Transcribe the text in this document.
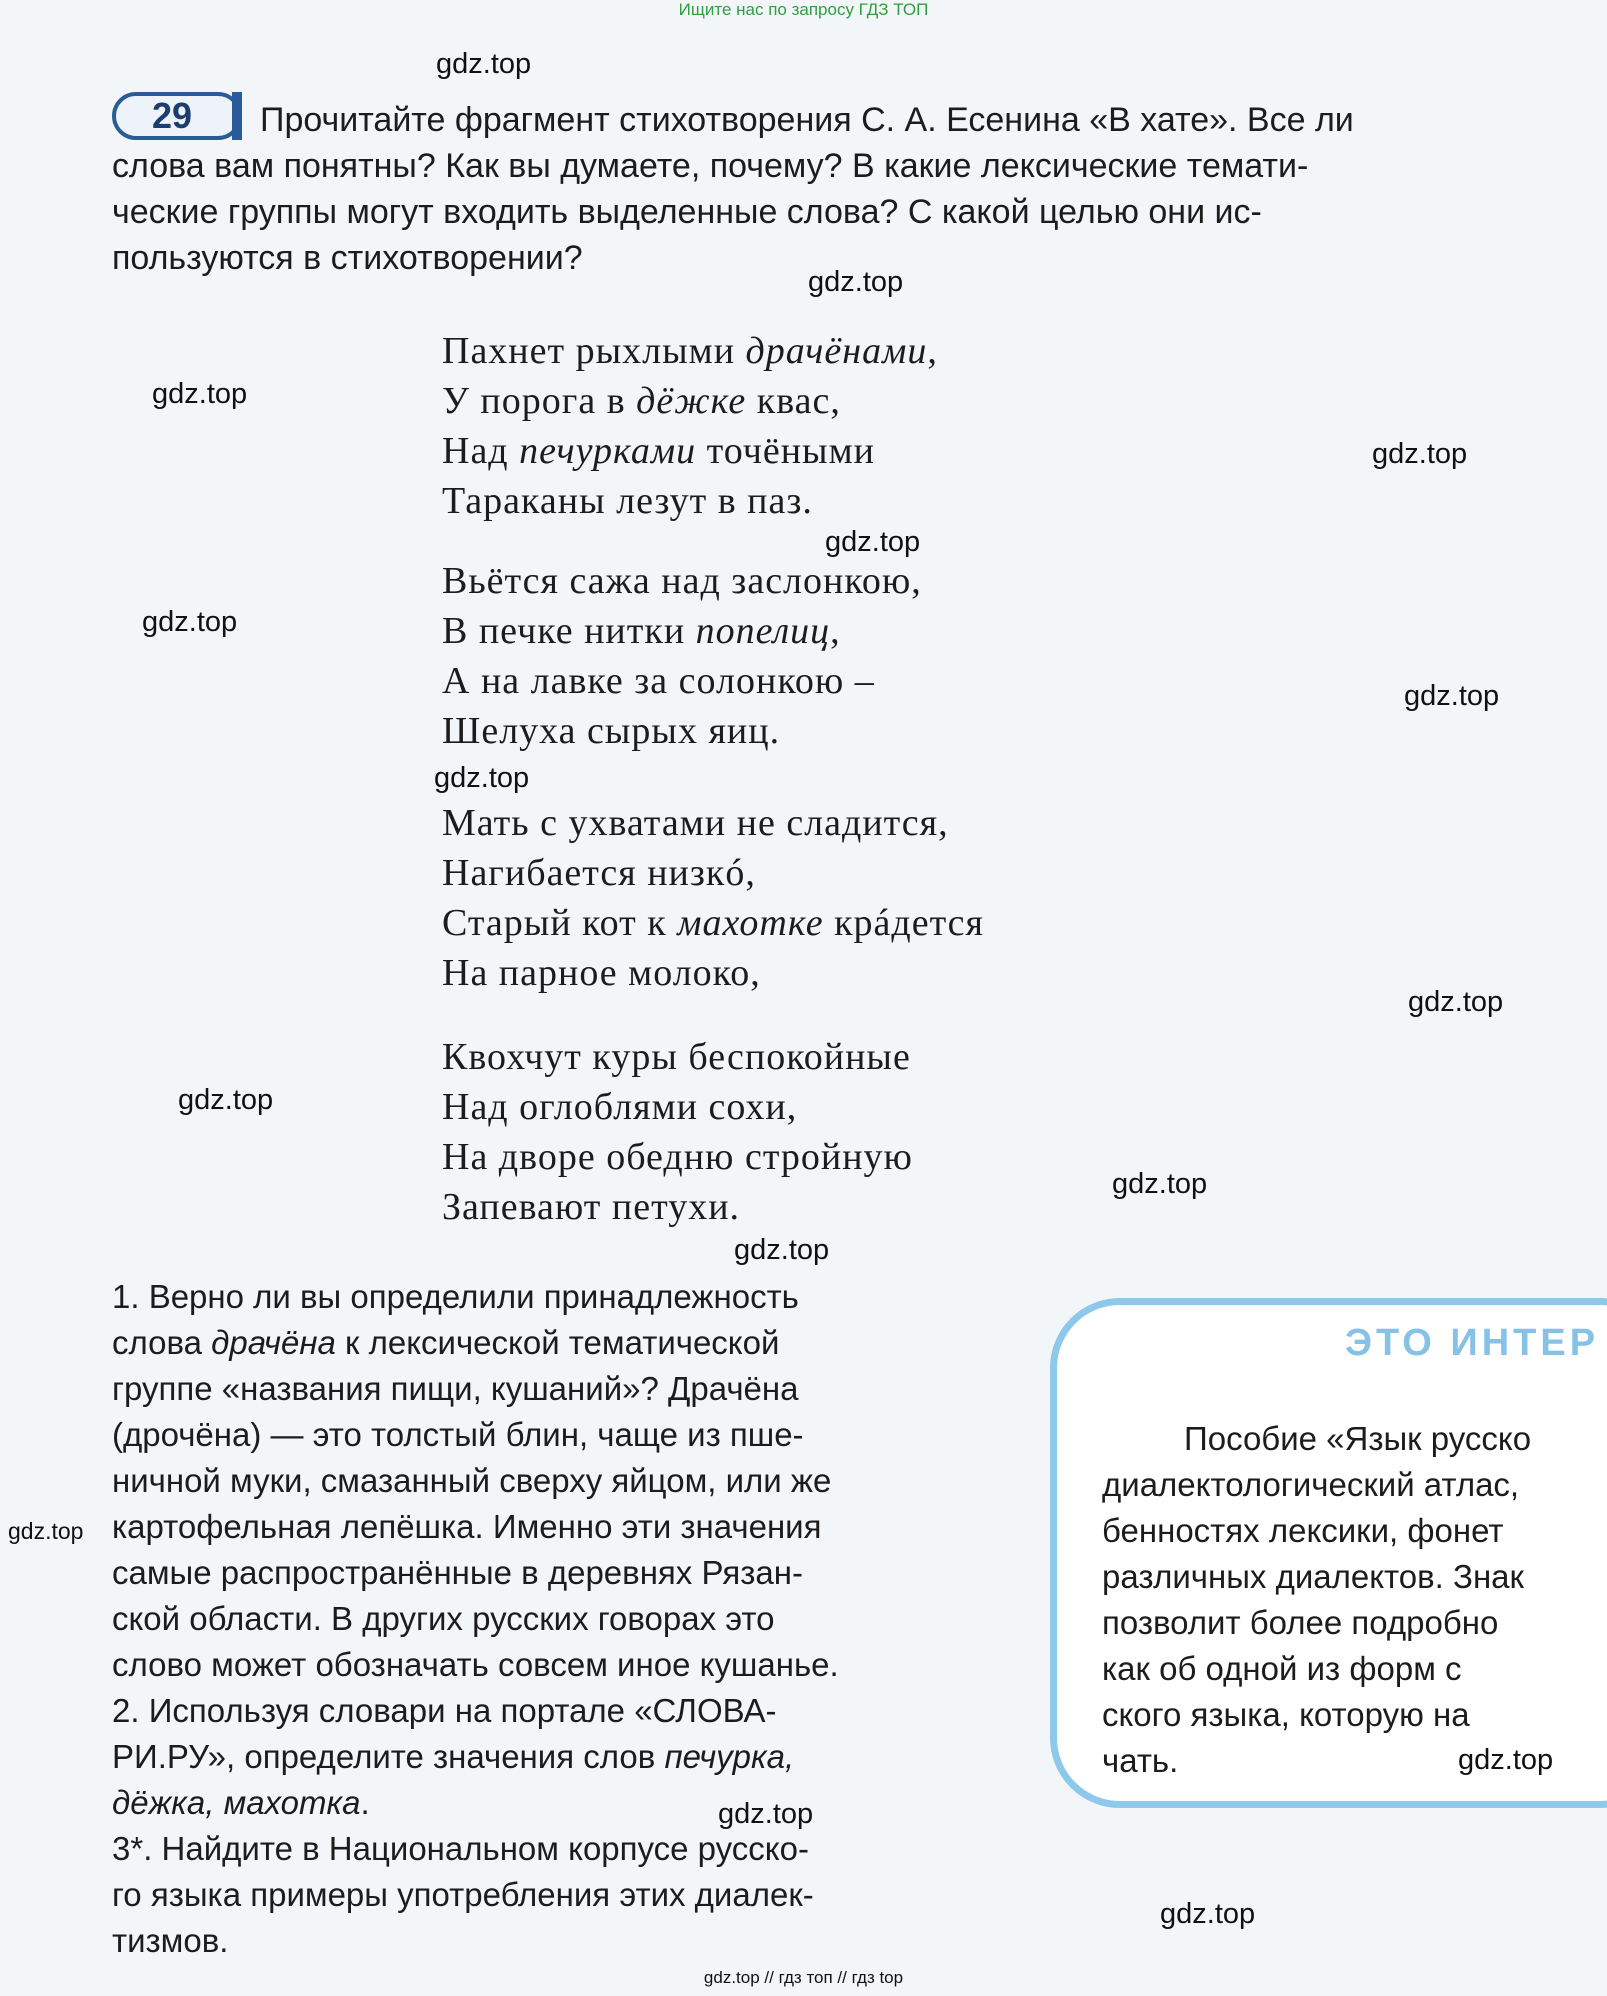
Ищите нас по запросу ГДЗ ТОП
29	Прочитайте фрагмент стихотворения С. А. Есенина «В хате». Все ли
слова вам понятны? Как вы думаете, почему? В какие лексические темати-
ческие группы могут входить выделенные слова? С какой целью они ис-
пользуются в стихотворении?
Пахнет рыхлыми драчёнами,
У порога в дёжке квас,
Над печурками точёными
Тараканы лезут в паз.
Вьётся сажа над заслонкою,
В печке нитки попелиц,
А на лавке за солонкою –
Шелуха сырых яиц.
Мать с ухватами не сладится,
Нагибается низкó,
Старый кот к махотке крáдется
На парное молоко,
Квохчут куры беспокойные
Над оглоблями сохи,
На дворе обедню стройную
Запевают петухи.
1. Верно ли вы определили принадлежность
слова драчёна к лексической тематической
группе «названия пищи, кушаний»? Драчёна
(дрочёна) — это толстый блин, чаще из пше-
ничной муки, смазанный сверху яйцом, или же
картофельная лепёшка. Именно эти значения
самые распространённые в деревнях Рязан-
ской области. В других русских говорах это
слово может обозначать совсем иное кушанье.
2. Используя словари на портале «СЛОВА-
РИ.РУ», определите значения слов печурка,
дёжка, махотка.
3*. Найдите в Национальном корпусе русско-
го языка примеры употребления этих диалек-
тизмов.
ЭТО ИНТЕР
Пособие «Язык русско
диалектологический атлас,
бенностях лексики, фонет
различных диалектов. Знак
позволит более подробно
как об одной из форм с
ского языка, которую на
чать.
gdz.top
gdz.top
gdz.top
gdz.top
gdz.top
gdz.top
gdz.top
gdz.top
gdz.top
gdz.top
gdz.top
gdz.top
gdz.top
gdz.top
gdz.top
gdz.top
gdz.top // гдз топ // гдз top
